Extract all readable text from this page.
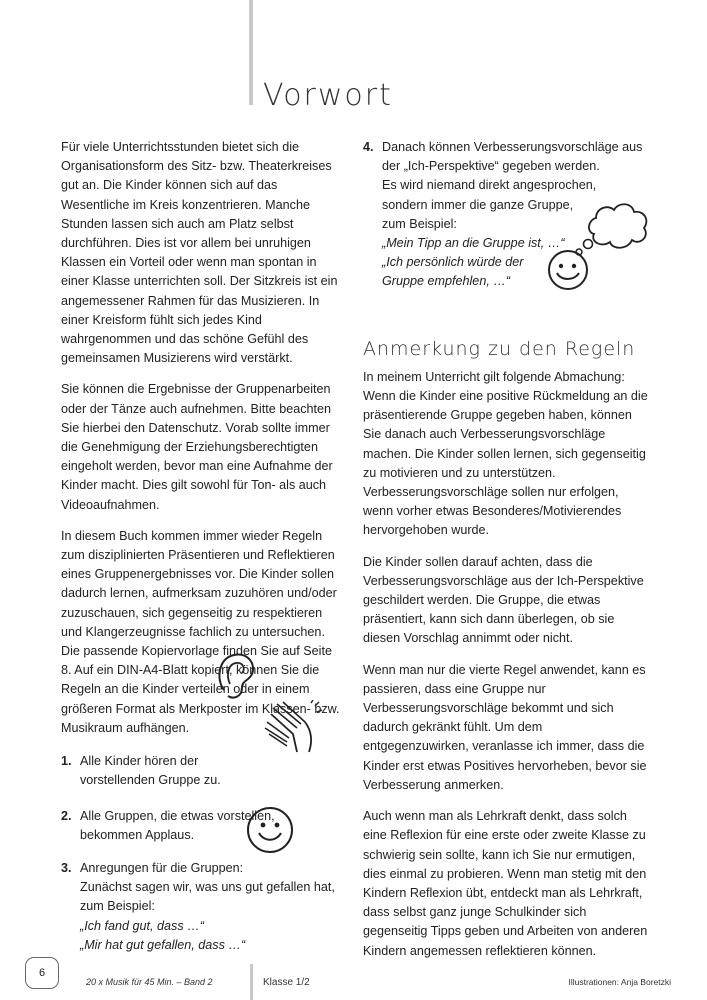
Vorwort

Für viele Unterrichtsstunden bietet sich die Organisationsform des Sitz- bzw. Theaterkreises gut an. Die Kinder können sich auf das Wesentliche im Kreis konzentrieren. Manche Stunden lassen sich auch am Platz selbst durchführen. Dies ist vor allem bei unruhigen Klassen ein Vorteil oder wenn man spontan in einer Klasse unterrichten soll. Der Sitzkreis ist ein angemessener Rahmen für das Musizieren. In einer Kreisform fühlt sich jedes Kind wahrgenommen und das schöne Gefühl des gemeinsamen Musizierens wird verstärkt.

Sie können die Ergebnisse der Gruppenarbeiten oder der Tänze auch aufnehmen. Bitte beachten Sie hierbei den Datenschutz. Vorab sollte immer die Genehmigung der Erziehungsberechtigten eingeholt werden, bevor man eine Aufnahme der Kinder macht. Dies gilt sowohl für Ton- als auch Videoaufnahmen.

In diesem Buch kommen immer wieder Regeln zum disziplinierten Präsentieren und Reflektieren eines Gruppenergebnisses vor. Die Kinder sollen dadurch lernen, aufmerksam zuzuhören und/oder zuzuschauen, sich gegenseitig zu respektieren und Klangerzeugnisse fachlich zu untersuchen. Die passende Kopiervorlage finden Sie auf Seite 8. Auf ein DIN-A4-Blatt kopiert, können Sie die Regeln an die Kinder verteilen oder in einem größeren Format als Merkposter im Klassen- bzw. Musikraum aufhängen.

1. Alle Kinder hören der
vorstellenden Gruppe zu.
2. Alle Gruppen, die etwas vorstellen,
bekommen Applaus.
3. Anregungen für die Gruppen:
Zunächst sagen wir, was uns gut gefallen hat,
zum Beispiel:
„Ich fand gut, dass …“
„Mir hat gut gefallen, dass …“
4. Danach können Verbesserungsvorschläge aus
der „Ich-Perspektive“ gegeben werden.
Es wird niemand direkt angesprochen,
sondern immer die ganze Gruppe,
zum Beispiel:
„Mein Tipp an die Gruppe ist, …“
„Ich persönlich würde der
Gruppe empfehlen, …“
Anmerkung zu den Regeln

In meinem Unterricht gilt folgende Abmachung: Wenn die Kinder eine positive Rückmeldung an die präsentierende Gruppe gegeben haben, können Sie danach auch Verbesserungsvorschläge machen. Die Kinder sollen lernen, sich gegenseitig zu motivieren und zu unterstützen. Verbesserungsvorschläge sollen nur erfolgen, wenn vorher etwas Besonderes/Motivierendes hervorgehoben wurde.

Die Kinder sollen darauf achten, dass die Verbesserungsvorschläge aus der Ich-Perspektive geschildert werden. Die Gruppe, die etwas präsentiert, kann sich dann überlegen, ob sie diesen Vorschlag annimmt oder nicht.

Wenn man nur die vierte Regel anwendet, kann es passieren, dass eine Gruppe nur Verbesserungsvorschläge bekommt und sich dadurch gekränkt fühlt. Um dem entgegenzuwirken, veranlasse ich immer, dass die Kinder erst etwas Positives hervorheben, bevor sie Verbesserung anmerken.

Auch wenn man als Lehrkraft denkt, dass solch eine Reflexion für eine erste oder zweite Klasse zu schwierig sein sollte, kann ich Sie nur ermutigen, dies einmal zu probieren. Wenn man stetig mit den Kindern Reflexion übt, entdeckt man als Lehrkraft, dass selbst ganz junge Schulkinder sich gegenseitig Tipps geben und Arbeiten von anderen Kindern angemessen reflektieren können.

6
20 x Musik für 45 Min. – Band 2	Klasse 1/2	Illustrationen: Anja Boretzki
